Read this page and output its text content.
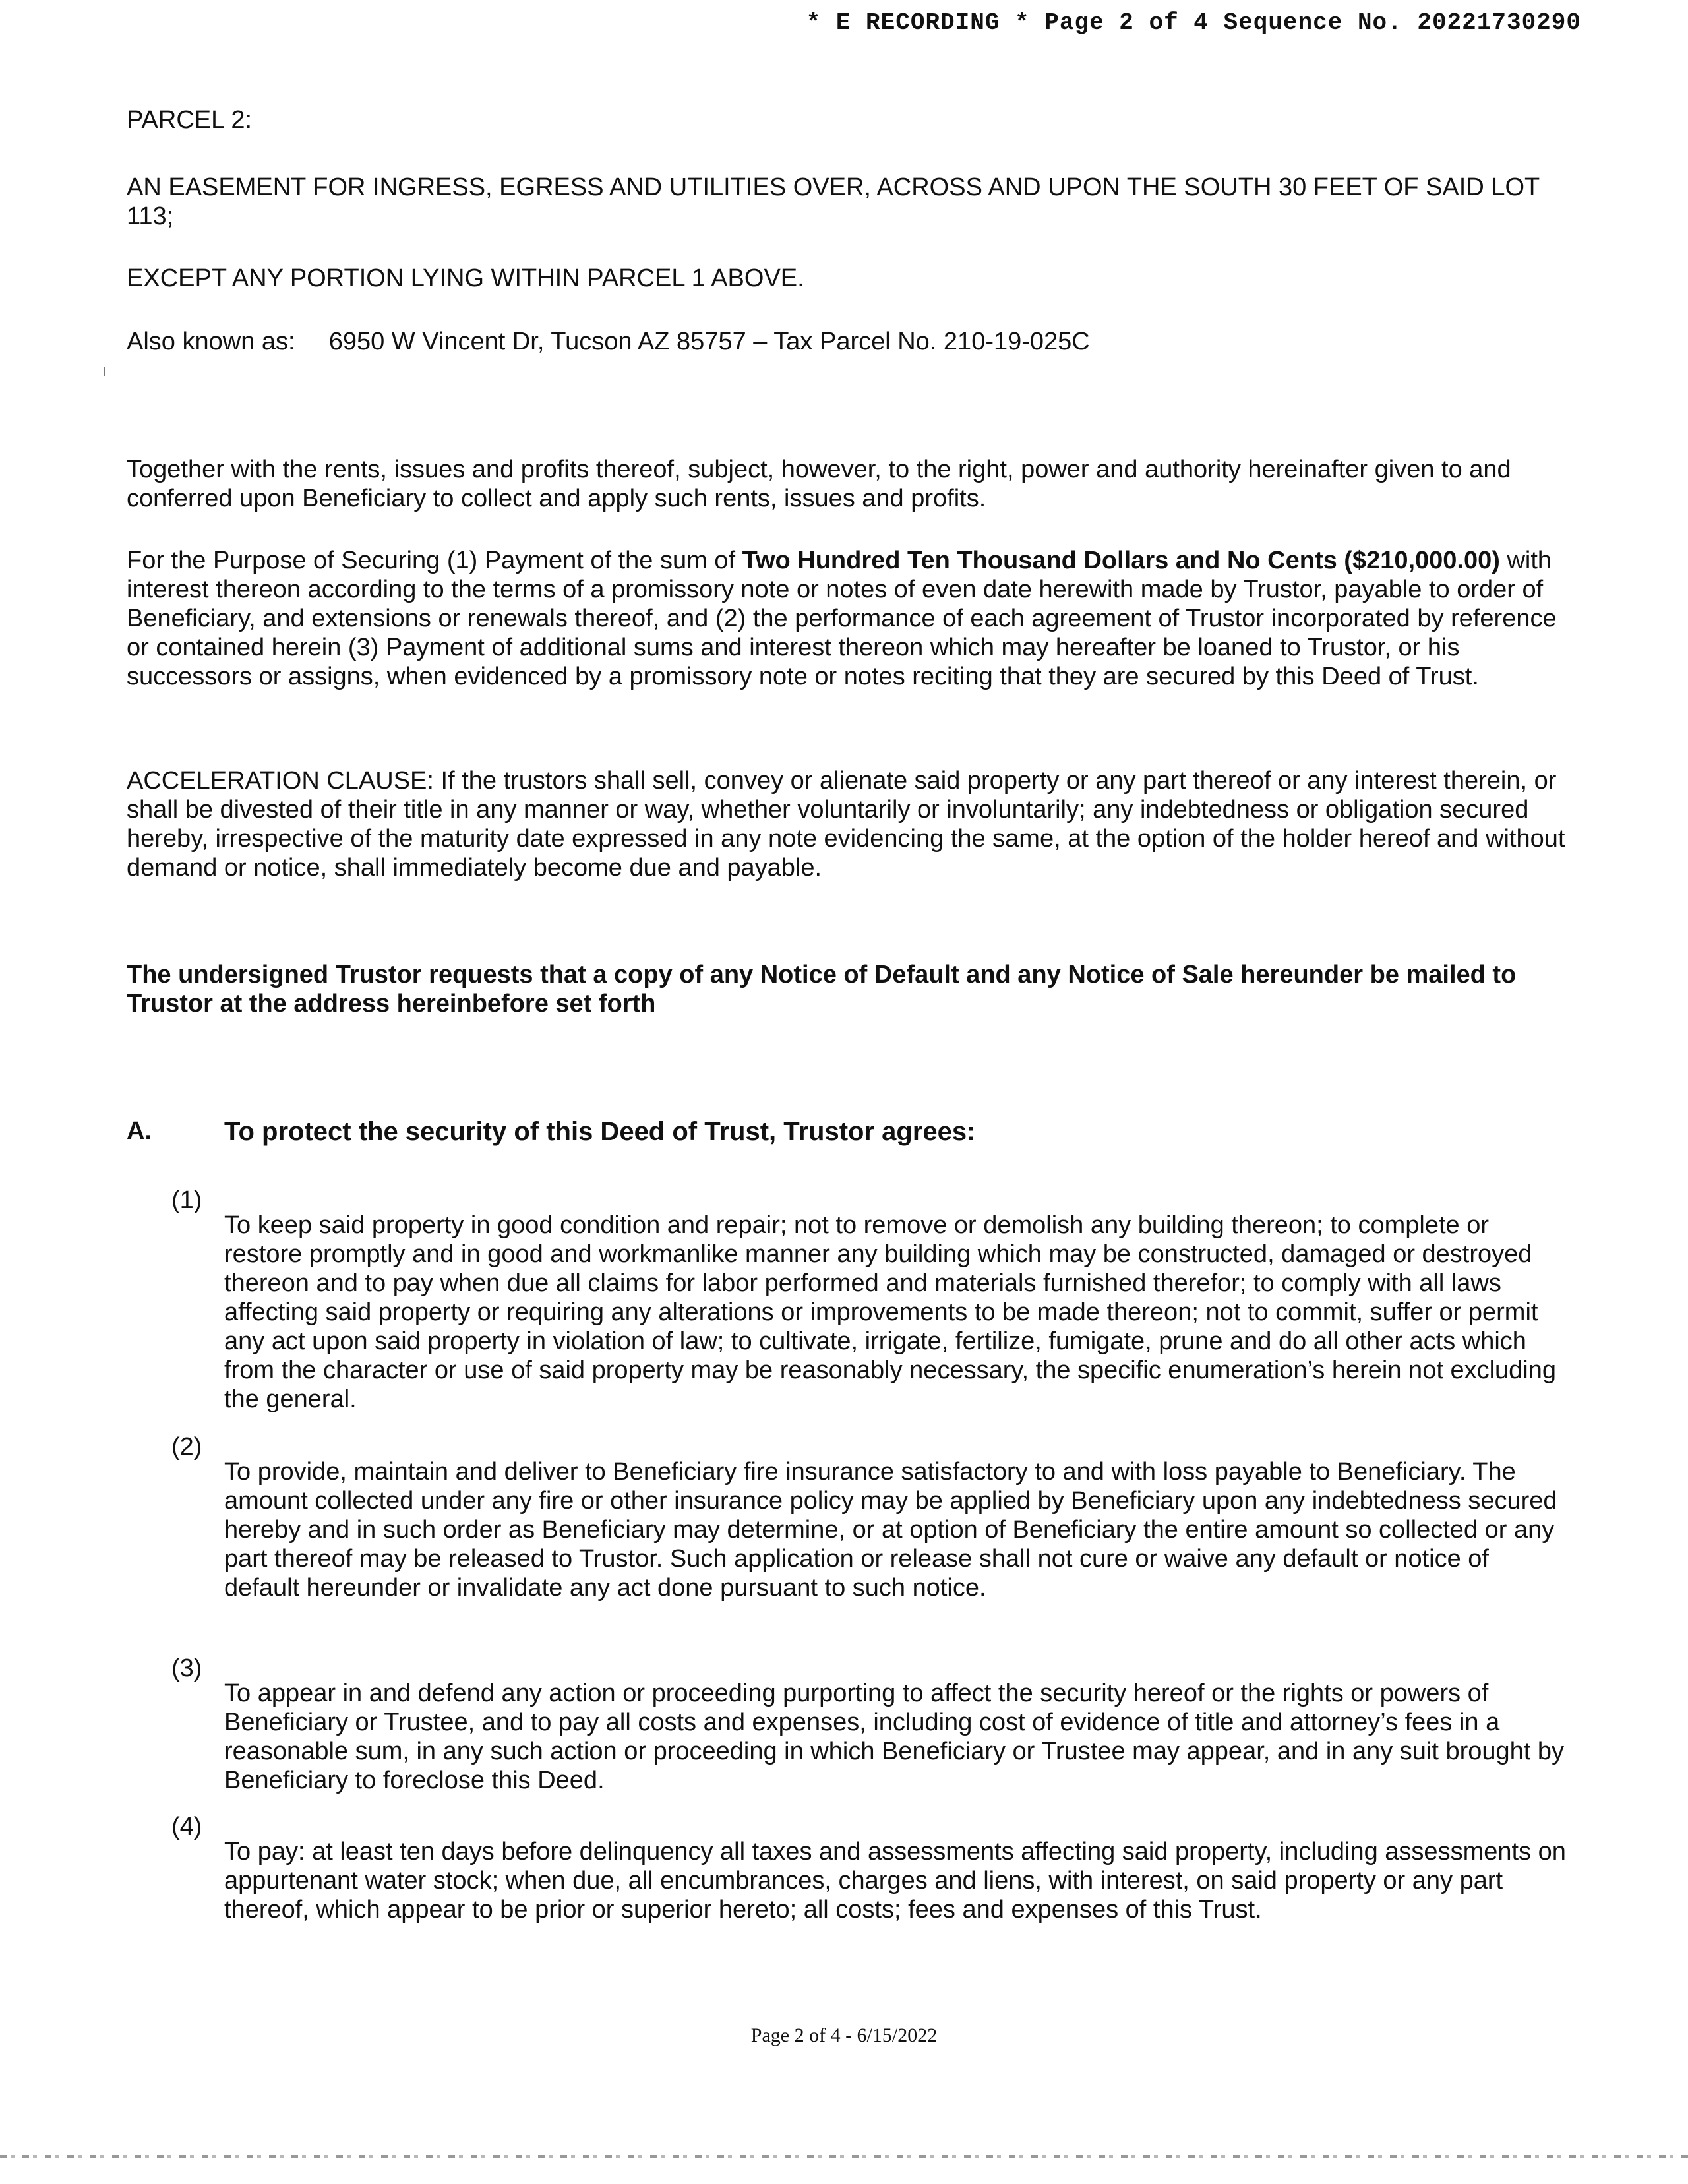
* E RECORDING * Page 2 of 4 Sequence No. 20221730290

PARCEL 2:

AN EASEMENT FOR INGRESS, EGRESS AND UTILITIES OVER, ACROSS AND UPON THE SOUTH 30 FEET OF SAID LOT 113;

EXCEPT ANY PORTION LYING WITHIN PARCEL 1 ABOVE.

Also known as: 6950 W Vincent Dr, Tucson AZ 85757 – Tax Parcel No. 210-19-025C

Together with the rents, issues and profits thereof, subject, however, to the right, power and authority hereinafter given to and conferred upon Beneficiary to collect and apply such rents, issues and profits.

For the Purpose of Securing (1) Payment of the sum of Two Hundred Ten Thousand Dollars and No Cents ($210,000.00) with interest thereon according to the terms of a promissory note or notes of even date herewith made by Trustor, payable to order of Beneficiary, and extensions or renewals thereof, and (2) the performance of each agreement of Trustor incorporated by reference or contained herein (3) Payment of additional sums and interest thereon which may hereafter be loaned to Trustor, or his successors or assigns, when evidenced by a promissory note or notes reciting that they are secured by this Deed of Trust.

ACCELERATION CLAUSE: If the trustors shall sell, convey or alienate said property or any part thereof or any interest therein, or shall be divested of their title in any manner or way, whether voluntarily or involuntarily; any indebtedness or obligation secured hereby, irrespective of the maturity date expressed in any note evidencing the same, at the option of the holder hereof and without demand or notice, shall immediately become due and payable.

The undersigned Trustor requests that a copy of any Notice of Default and any Notice of Sale hereunder be mailed to Trustor at the address hereinbefore set forth

A.	To protect the security of this Deed of Trust, Trustor agrees:
(1)

To keep said property in good condition and repair; not to remove or demolish any building thereon; to complete or restore promptly and in good and workmanlike manner any building which may be constructed, damaged or destroyed thereon and to pay when due all claims for labor performed and materials furnished therefor; to comply with all laws affecting said property or requiring any alterations or improvements to be made thereon; not to commit, suffer or permit any act upon said property in violation of law; to cultivate, irrigate, fertilize, fumigate, prune and do all other acts which from the character or use of said property may be reasonably necessary, the specific enumeration’s herein not excluding the general.

(2)

To provide, maintain and deliver to Beneficiary fire insurance satisfactory to and with loss payable to Beneficiary. The amount collected under any fire or other insurance policy may be applied by Beneficiary upon any indebtedness secured hereby and in such order as Beneficiary may determine, or at option of Beneficiary the entire amount so collected or any part thereof may be released to Trustor. Such application or release shall not cure or waive any default or notice of default hereunder or invalidate any act done pursuant to such notice.

(3)

To appear in and defend any action or proceeding purporting to affect the security hereof or the rights or powers of Beneficiary or Trustee, and to pay all costs and expenses, including cost of evidence of title and attorney’s fees in a reasonable sum, in any such action or proceeding in which Beneficiary or Trustee may appear, and in any suit brought by Beneficiary to foreclose this Deed.

(4)

To pay: at least ten days before delinquency all taxes and assessments affecting said property, including assessments on appurtenant water stock; when due, all encumbrances, charges and liens, with interest, on said property or any part thereof, which appear to be prior or superior hereto; all costs; fees and expenses of this Trust.

Page 2 of 4 - 6/15/2022
